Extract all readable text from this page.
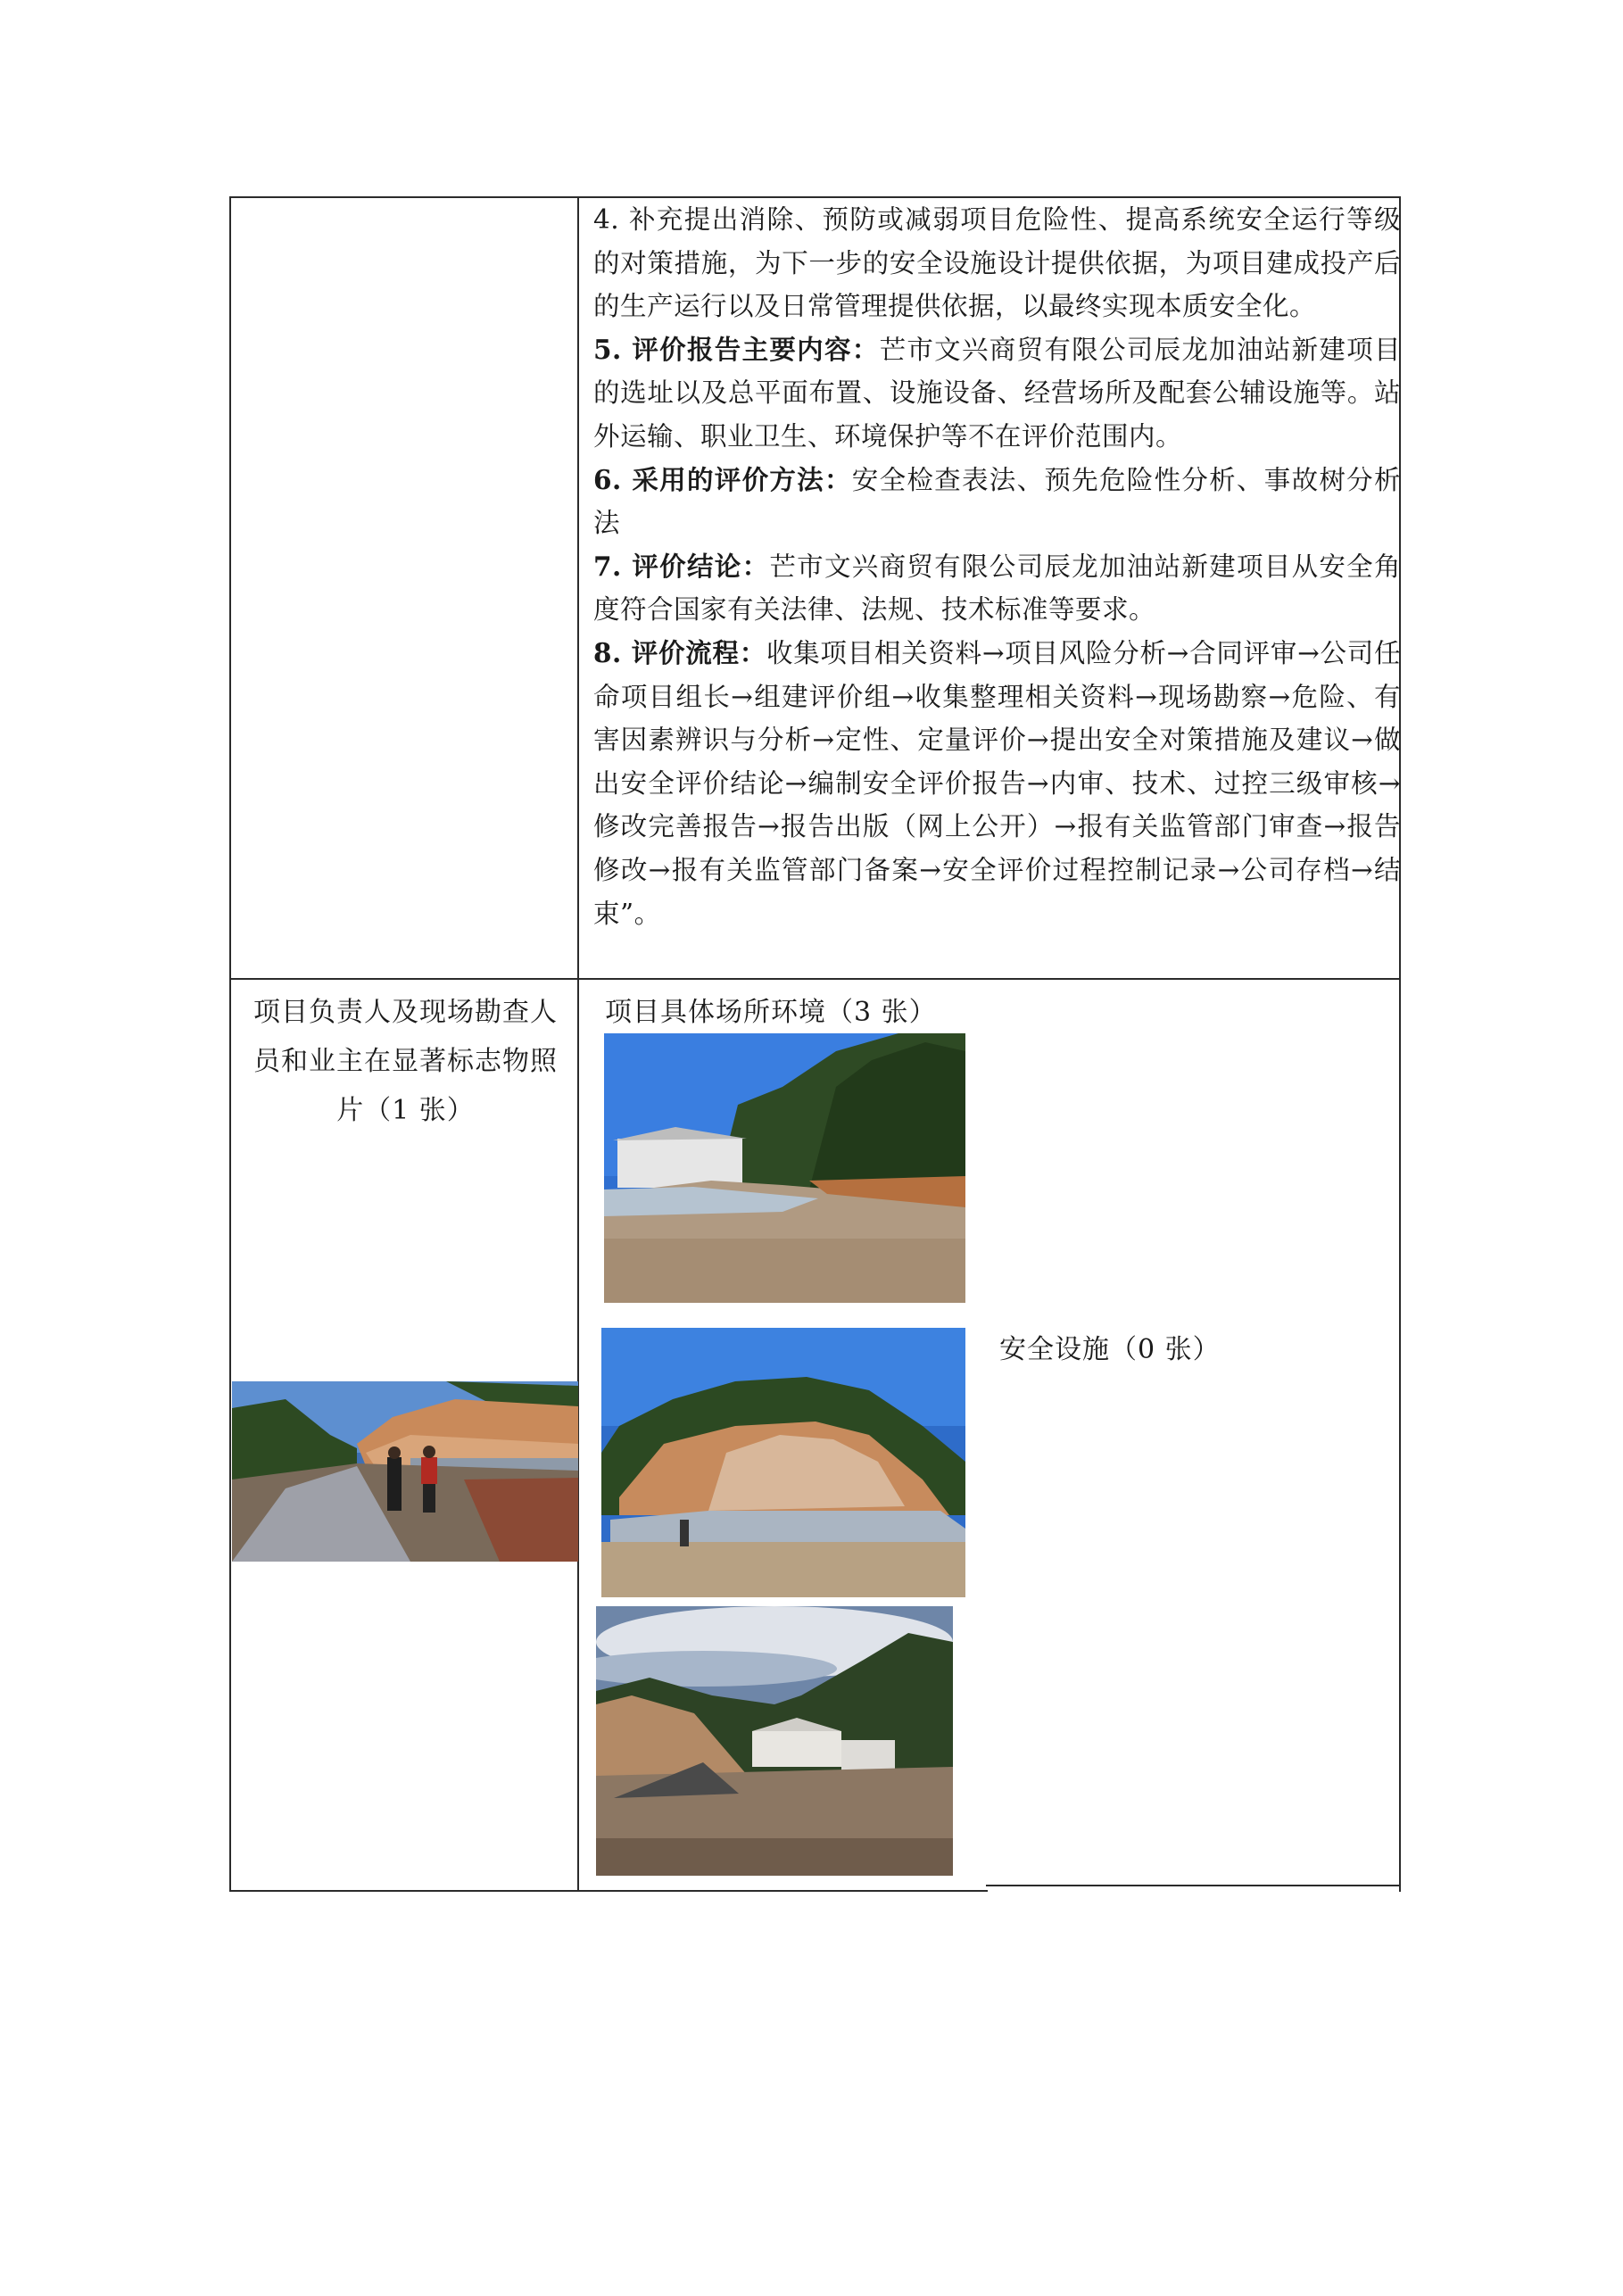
4. 补充提出消除、预防或减弱项目危险性、提高系统安全运行等级的对策措施，为下一步的安全设施设计提供依据，为项目建成投产后的生产运行以及日常管理提供依据，以最终实现本质安全化。

5. 评价报告主要内容：芒市文兴商贸有限公司辰龙加油站新建项目的选址以及总平面布置、设施设备、经营场所及配套公辅设施等。站外运输、职业卫生、环境保护等不在评价范围内。

6. 采用的评价方法：安全检查表法、预先危险性分析、事故树分析法

7. 评价结论：芒市文兴商贸有限公司辰龙加油站新建项目从安全角度符合国家有关法律、法规、技术标准等要求。

8. 评价流程：收集项目相关资料→项目风险分析→合同评审→公司任命项目组长→组建评价组→收集整理相关资料→现场勘察→危险、有害因素辨识与分析→定性、定量评价→提出安全对策措施及建议→做出安全评价结论→编制安全评价报告→内审、技术、过控三级审核→修改完善报告→报告出版（网上公开）→报有关监管部门审查→报告修改→报有关监管部门备案→安全评价过程控制记录→公司存档→结束”。

项目负责人及现场勘查人员和业主在显著标志物照片（1 张）
项目具体场所环境（3 张）
安全设施（0 张）
